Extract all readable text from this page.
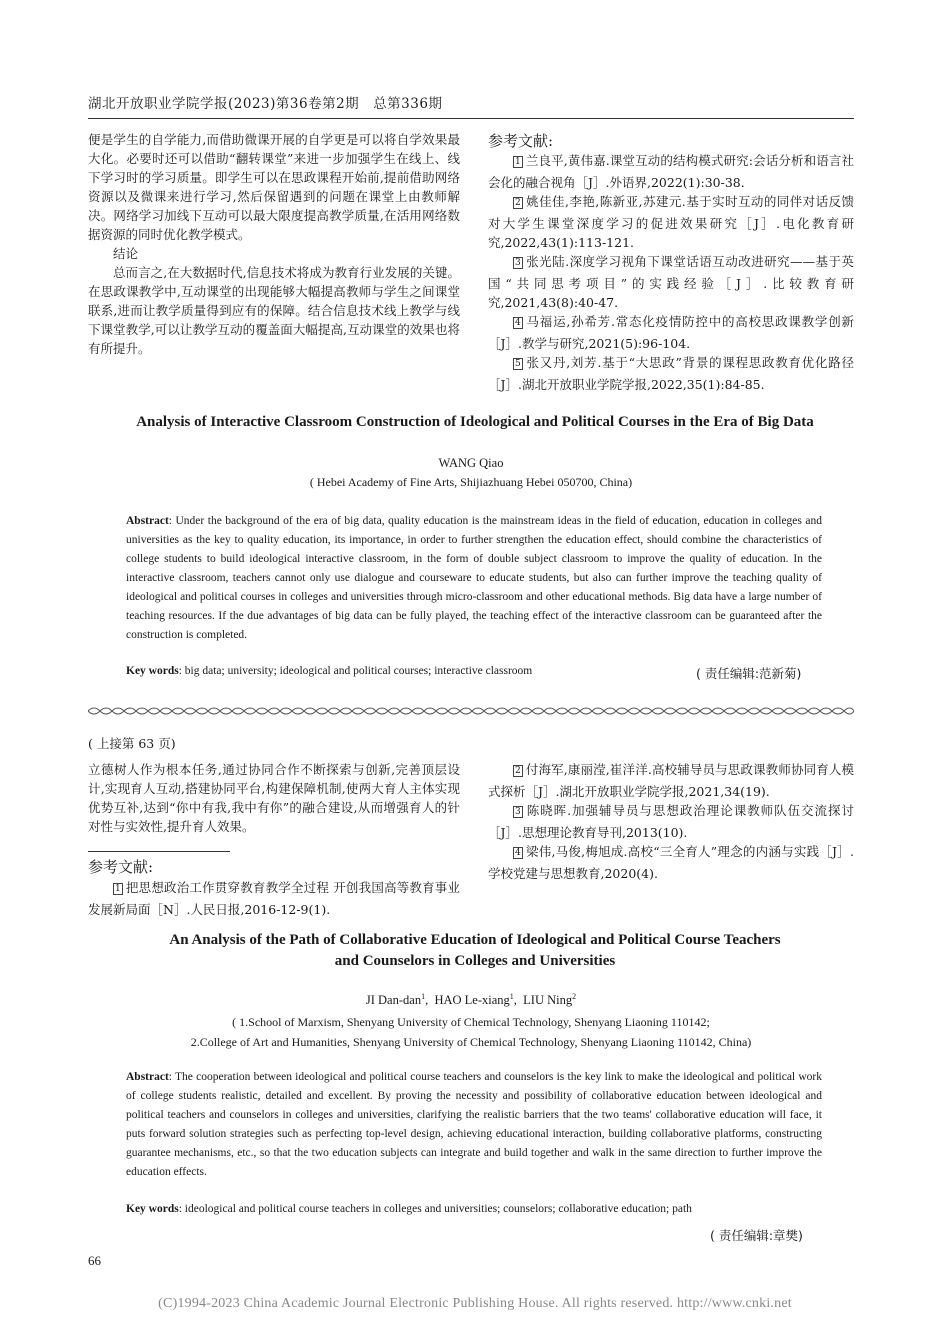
湖北开放职业学院学报(2023)第36卷第2期　总第336期

便是学生的自学能力,而借助微课开展的自学更是可以将自学效果最大化。必要时还可以借助“翻转课堂”来进一步加强学生在线上、线下学习时的学习质量。即学生可以在思政课程开始前,提前借助网络资源以及微课来进行学习,然后保留遇到的问题在课堂上由教师解决。网络学习加线下互动可以最大限度提高教学质量,在活用网络数据资源的同时优化教学模式。

结论

总而言之,在大数据时代,信息技术将成为教育行业发展的关键。在思政课教学中,互动课堂的出现能够大幅提高教师与学生之间课堂联系,进而让教学质量得到应有的保障。结合信息技术线上教学与线下课堂教学,可以让教学互动的覆盖面大幅提高,互动课堂的效果也将有所提升。

参考文献:

1 兰良平,黄伟嘉.课堂互动的结构模式研究:会话分析和语言社会化的融合视角［J］.外语界,2022(1):30-38.

2 姚佳佳,李艳,陈新亚,苏建元.基于实时互动的同伴对话反馈对大学生课堂深度学习的促进效果研究［J］.电化教育研究,2022,43(1):113-121.

3 张光陆.深度学习视角下课堂话语互动改进研究——基于英国“共同思考项目”的实践经验［J］.比较教育研究,2021,43(8):40-47.

4 马福运,孙希芳.常态化疫情防控中的高校思政课教学创新［J］.教学与研究,2021(5):96-104.

5 张又丹,刘芳.基于“大思政”背景的课程思政教育优化路径［J］.湖北开放职业学院学报,2022,35(1):84-85.

Analysis of Interactive Classroom Construction of Ideological and Political Courses in the Era of Big Data
WANG Qiao
( Hebei Academy of Fine Arts, Shijiazhuang Hebei 050700, China)
Abstract: Under the background of the era of big data, quality education is the mainstream ideas in the field of education, education in colleges and universities as the key to quality education, its importance, in order to further strengthen the education effect, should combine the characteristics of college students to build ideological interactive classroom, in the form of double subject classroom to improve the quality of education. In the interactive classroom, teachers cannot only use dialogue and courseware to educate students, but also can further improve the teaching quality of ideological and political courses in colleges and universities through micro-classroom and other educational methods. Big data have a large number of teaching resources. If the due advantages of big data can be fully played, the teaching effect of the interactive classroom can be guaranteed after the construction is completed.
Key words: big data; university; ideological and political courses; interactive classroom	( 责任编辑:范新菊)
( 上接第 63 页)

立德树人作为根本任务,通过协同合作不断探索与创新,完善顶层设计,实现育人互动,搭建协同平台,构建保障机制,使两大育人主体实现优势互补,达到“你中有我,我中有你”的融合建设,从而增强育人的针对性与实效性,提升育人效果。

参考文献:

1 把思想政治工作贯穿教育教学全过程 开创我国高等教育事业发展新局面［N］.人民日报,2016-12-9(1).

2 付海军,康丽滢,崔洋洋.高校辅导员与思政课教师协同育人模式探析［J］.湖北开放职业学院学报,2021,34(19).

3 陈晓晖.加强辅导员与思想政治理论课教师队伍交流探讨［J］.思想理论教育导刊,2013(10).

4 梁伟,马俊,梅旭成.高校“三全育人”理念的内涵与实践［J］.学校党建与思想教育,2020(4).

An Analysis of the Path of Collaborative Education of Ideological and Political Course Teachers
and Counselors in Colleges and Universities
JI Dan-dan$^1$,  HAO Le-xiang$^1$,  LIU Ning$^2$
( 1.School of Marxism, Shenyang University of Chemical Technology, Shenyang Liaoning 110142;
2.College of Art and Humanities, Shenyang University of Chemical Technology, Shenyang Liaoning 110142, China)
Abstract: The cooperation between ideological and political course teachers and counselors is the key link to make the ideological and political work of college students realistic, detailed and excellent. By proving the necessity and possibility of collaborative education between ideological and political teachers and counselors in colleges and universities, clarifying the realistic barriers that the two teams' collaborative education will face, it puts forward solution strategies such as perfecting top-level design, achieving educational interaction, building collaborative platforms, constructing guarantee mechanisms, etc., so that the two education subjects can integrate and build together and walk in the same direction to further improve the education effects.
Key words: ideological and political course teachers in colleges and universities; counselors; collaborative education; path
( 责任编辑:章樊)
66
(C)1994-2023 China Academic Journal Electronic Publishing House. All rights reserved. http://www.cnki.net
